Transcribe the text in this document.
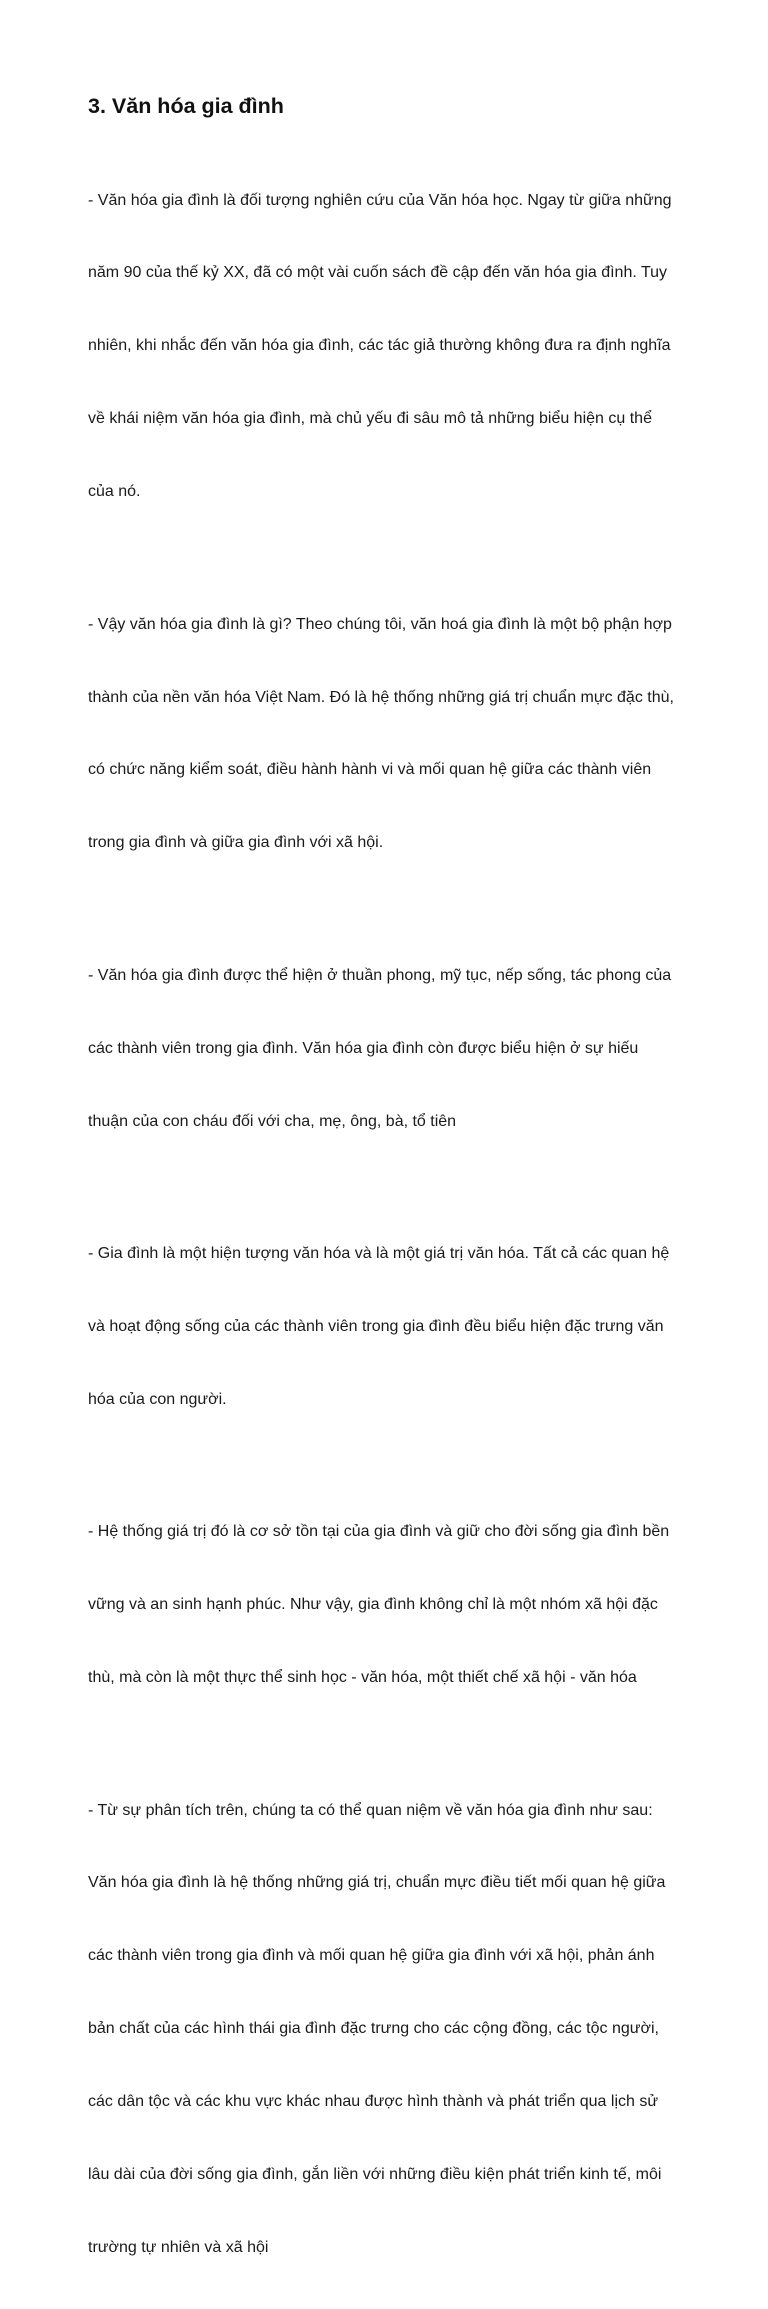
3. Văn hóa gia đình

- Văn hóa gia đình là đối tượng nghiên cứu của Văn hóa học. Ngay từ giữa những

năm 90 của thế kỷ XX, đã có một vài cuốn sách đề cập đến văn hóa gia đình. Tuy

nhiên, khi nhắc đến văn hóa gia đình, các tác giả thường không đưa ra định nghĩa

về khái niệm văn hóa gia đình, mà chủ yếu đi sâu mô tả những biểu hiện cụ thể

của nó.

- Vậy văn hóa gia đình là gì? Theo chúng tôi, văn hoá gia đình là một bộ phận hợp

thành của nền văn hóa Việt Nam. Đó là hệ thống những giá trị chuẩn mực đặc thù,

có chức năng kiểm soát, điều hành hành vi và mối quan hệ giữa các thành viên

trong gia đình và giữa gia đình với xã hội.

- Văn hóa gia đình được thể hiện ở thuần phong, mỹ tục, nếp sống, tác phong của

các thành viên trong gia đình. Văn hóa gia đình còn được biểu hiện ở sự hiếu

thuận của con cháu đối với cha, mẹ, ông, bà, tổ tiên

- Gia đình là một hiện tượng văn hóa và là một giá trị văn hóa. Tất cả các quan hệ

và hoạt động sống của các thành viên trong gia đình đều biểu hiện đặc trưng văn

hóa của con người.

- Hệ thống giá trị đó là cơ sở tồn tại của gia đình và giữ cho đời sống gia đình bền

vững và an sinh hạnh phúc. Như vậy, gia đình không chỉ là một nhóm xã hội đặc

thù, mà còn là một thực thể sinh học - văn hóa, một thiết chế xã hội - văn hóa

- Từ sự phân tích trên, chúng ta có thể quan niệm về văn hóa gia đình như sau:

Văn hóa gia đình là hệ thống những giá trị, chuẩn mực điều tiết mối quan hệ giữa

các thành viên trong gia đình và mối quan hệ giữa gia đình với xã hội, phản ánh

bản chất của các hình thái gia đình đặc trưng cho các cộng đồng, các tộc người,

các dân tộc và các khu vực khác nhau được hình thành và phát triển qua lịch sử

lâu dài của đời sống gia đình, gắn liền với những điều kiện phát triển kinh tế, môi

trường tự nhiên và xã hội
